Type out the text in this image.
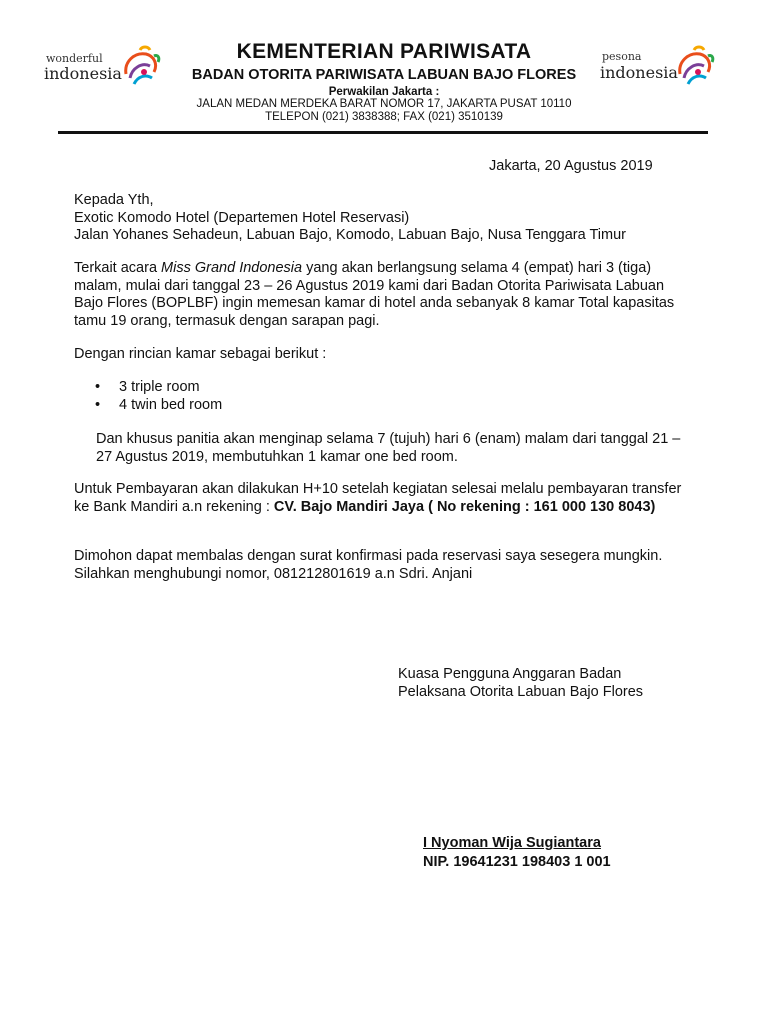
wonderful
indonesia
pesona
indonesia
KEMENTERIAN PARIWISATA
BADAN OTORITA PARIWISATA LABUAN BAJO FLORES
Perwakilan Jakarta :
JALAN MEDAN MERDEKA BARAT NOMOR 17, JAKARTA PUSAT 10110
TELEPON (021) 3838388; FAX (021) 3510139
Jakarta, 20 Agustus 2019
Kepada Yth,
Exotic Komodo Hotel (Departemen Hotel Reservasi)
Jalan Yohanes Sehadeun, Labuan Bajo, Komodo, Labuan Bajo, Nusa Tenggara Timur
Terkait acara Miss Grand Indonesia yang akan berlangsung selama 4 (empat) hari 3 (tiga) malam, mulai dari tanggal 23 – 26 Agustus 2019 kami dari Badan Otorita Pariwisata Labuan Bajo Flores (BOPLBF) ingin memesan kamar di hotel anda sebanyak 8 kamar Total kapasitas tamu 19 orang, termasuk dengan sarapan pagi.
Dengan rincian kamar sebagai berikut :
• 3 triple room
• 4 twin bed room
Dan khusus panitia akan menginap selama 7 (tujuh) hari 6 (enam) malam dari tanggal 21 – 27 Agustus 2019, membutuhkan 1 kamar one bed room.
Untuk Pembayaran akan dilakukan H+10 setelah kegiatan selesai melalu pembayaran transfer ke Bank Mandiri a.n rekening : CV. Bajo Mandiri Jaya ( No rekening : 161 000 130 8043)
Dimohon dapat membalas dengan surat konfirmasi pada reservasi saya sesegera mungkin. Silahkan menghubungi nomor, 081212801619 a.n Sdri. Anjani
Kuasa Pengguna Anggaran Badan
Pelaksana Otorita Labuan Bajo Flores
I Nyoman Wija Sugiantara
NIP. 19641231 198403 1 001
